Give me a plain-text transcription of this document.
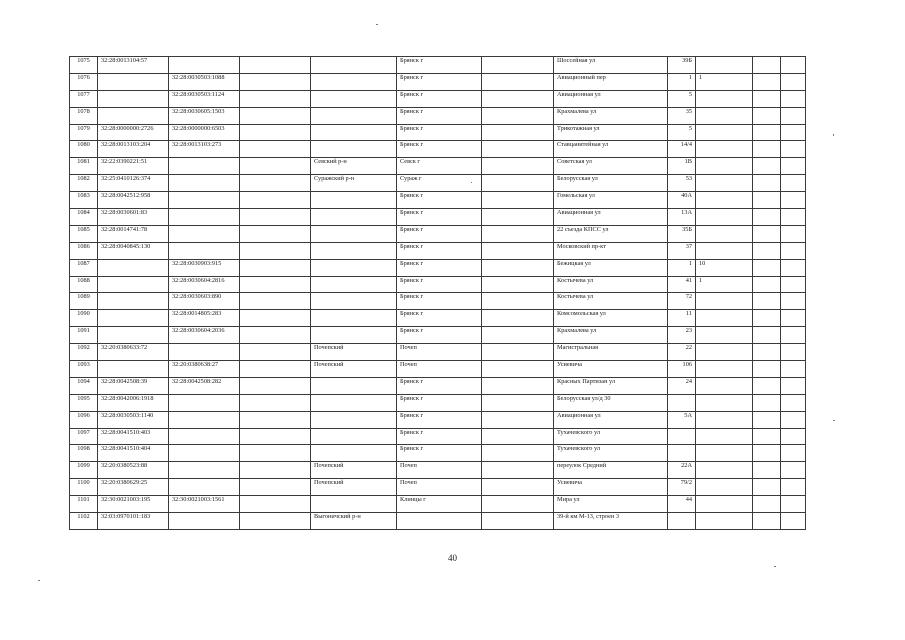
1075	32:28:0013104:57				Брянск г		Шоссейная ул	39Б			
1076		32:28:0030503:1088			Брянск г		Авиационный пер	1	1		
1077		32:28:0030503:1124			Брянск г		Авиационная ул	5			
1078		32:28:0030605:1503			Брянск г		Крахмалева ул	35			
1079	32:28:0000000:2726	32:28:0000000:6503			Брянск г		Трикотажная ул	5			
1080	32:28:0013103:204	32:28:0013103:273			Брянск г		Ставцанитейная ул	14/4			
1081	32:22:0390221:51			Севский р-н	Севск г		Советская ул	1В			
1082	32:25:0410126:374			Суражский р-н	Сураж г		Белорусская ул	53			
1083	32:28:0042512:958				Брянск г		Гомельская ул	40А			
1084	32:28:0030601:83				Брянск г		Авиационная ул	13А			
1085	32:28:0014741:78				Брянск г		22 съезда КПСС ул	35Б			
1086	32:28:0040845:130				Брянск г		Московский пр-кт	37			
1087		32:28:0030903:915			Брянск г		Бежицкая ул	1	10		
1088		32:28:0030604:2816			Брянск г		Костычева ул	41	1		
1089		32:28:0030603:890			Брянск г		Костычева ул	72			
1090		32:28:0014805:283			Брянск г		Комсомольская ул	11			
1091		32:28:0030604:2036			Брянск г		Крахмалева ул	23			
1092	32:20:0380633:72			Почепский	Почеп		Магистральная	22			
1093		32:20:0380638:27		Почепский	Почеп		Усиевича	106			
1094	32:28:0042508:39	32:28:0042508:282			Брянск г		Красных Партизан ул	24			
1095	32:28:0042006:1918				Брянск г		Белорусская ул/д 30				
1096	32:28:0030503:1140				Брянск г		Авиационная ул	5А			
1097	32:28:0041510:403				Брянск г		Тухачевского ул				
1098	32:28:0041510:404				Брянск г		Тухачевского ул				
1099	32:20:0380523:88			Почепский	Почеп		переулок Средний	22А			
1100	32:20:0380629:25			Почепский	Почеп		Усиевича	79/2			
1101	32:30:0021003:195	32:30:0021003:1561			Клинцы г		Мира ул	44			
1102	32:03:0970101:183			Выгоничский р-н			39-й км М-13, строен 3				
40
